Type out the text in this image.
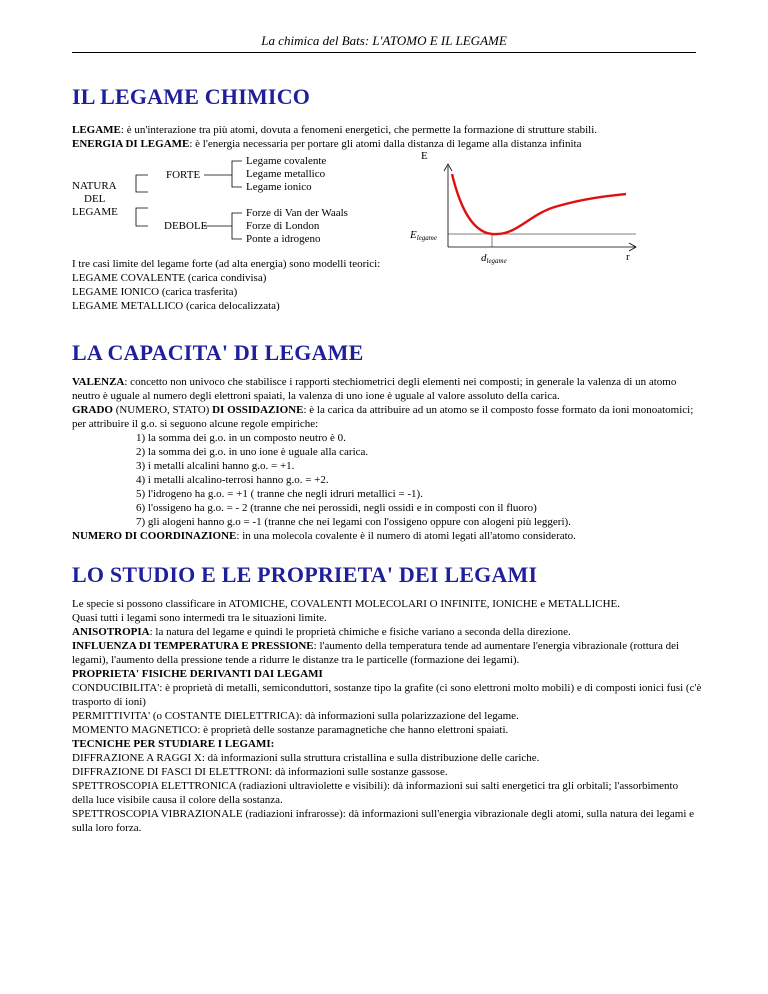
La chimica del Bats: L'ATOMO E IL LEGAME
IL LEGAME CHIMICO

LEGAME: è un'interazione tra più atomi, dovuta a fenomeni energetici, che permette la formazione di strutture stabili.

ENERGIA DI LEGAME: è l'energia necessaria per portare gli atomi dalla distanza di legame alla distanza infinita

NATURA
DEL
LEGAME
FORTE
DEBOLE
Legame covalente
Legame metallico
Legame ionico
Forze di Van der Waals
Forze di London
Ponte a idrogeno
E
$E_{legame}$
$d_{legame}$	r

I tre casi limite del legame forte (ad alta energia) sono modelli teorici:

LEGAME COVALENTE (carica condivisa)

LEGAME IONICO (carica trasferita)

LEGAME METALLICO (carica delocalizzata)

LA CAPACITA' DI LEGAME

VALENZA: concetto non univoco che stabilisce i rapporti stechiometrici degli elementi nei composti; in generale la valenza di un atomo neutro è uguale al numero degli elettroni spaiati, la valenza di uno ione è uguale al valore assoluto della carica.

GRADO (NUMERO, STATO) DI OSSIDAZIONE: è la carica da attribuire ad un atomo se il composto fosse formato da ioni monoatomici; per attribuire il g.o. si seguono alcune regole empiriche:

1) la somma dei g.o. in un composto neutro è 0.

2) la somma dei g.o. in uno ione è uguale alla carica.

3) i metalli alcalini hanno g.o. = +1.

4) i metalli alcalino-terrosi hanno g.o. = +2.

5) l'idrogeno ha g.o. = +1 ( tranne che negli idruri metallici = -1).

6) l'ossigeno ha g.o. = - 2 (tranne che nei perossidi, negli ossidi e in composti con il fluoro)

7) gli alogeni hanno g.o = -1 (tranne che nei legami con l'ossigeno oppure con alogeni più leggeri).

NUMERO DI COORDINAZIONE: in una molecola covalente è il numero di atomi legati all'atomo considerato.

LO STUDIO E LE PROPRIETA' DEI LEGAMI

Le specie si possono classificare in ATOMICHE, COVALENTI MOLECOLARI O INFINITE, IONICHE e METALLICHE.

Quasi tutti i legami sono intermedi tra le situazioni limite.

ANISOTROPIA: la natura del legame e quindi le proprietà chimiche e fisiche variano a seconda della direzione.

INFLUENZA DI TEMPERATURA E PRESSIONE: l'aumento della temperatura tende ad aumentare l'energia vibrazionale (rottura dei legami), l'aumento della pressione tende a ridurre le distanze tra le particelle (formazione dei legami).

PROPRIETA' FISICHE DERIVANTI DAI LEGAMI

CONDUCIBILITA': è proprietà di metalli, semiconduttori, sostanze tipo la grafite (ci sono elettroni molto mobili) e di composti ionici fusi (c'è trasporto di ioni)

PERMITTIVITA' (o COSTANTE DIELETTRICA): dà informazioni sulla polarizzazione del legame.

MOMENTO MAGNETICO: è proprietà delle sostanze paramagnetiche che hanno elettroni spaiati.

TECNICHE PER STUDIARE I LEGAMI:

DIFFRAZIONE A RAGGI X: dà informazioni sulla struttura cristallina e sulla distribuzione delle cariche.

DIFFRAZIONE DI FASCI DI ELETTRONI: dà informazioni sulle sostanze gassose.

SPETTROSCOPIA ELETTRONICA (radiazioni ultraviolette e visibili): dà informazioni sui salti energetici tra gli orbitali; l'assorbimento della luce visibile causa il colore della sostanza.

SPETTROSCOPIA VIBRAZIONALE (radiazioni infrarosse): dà informazioni sull'energia vibrazionale degli atomi, sulla natura dei legami e sulla loro forza.
